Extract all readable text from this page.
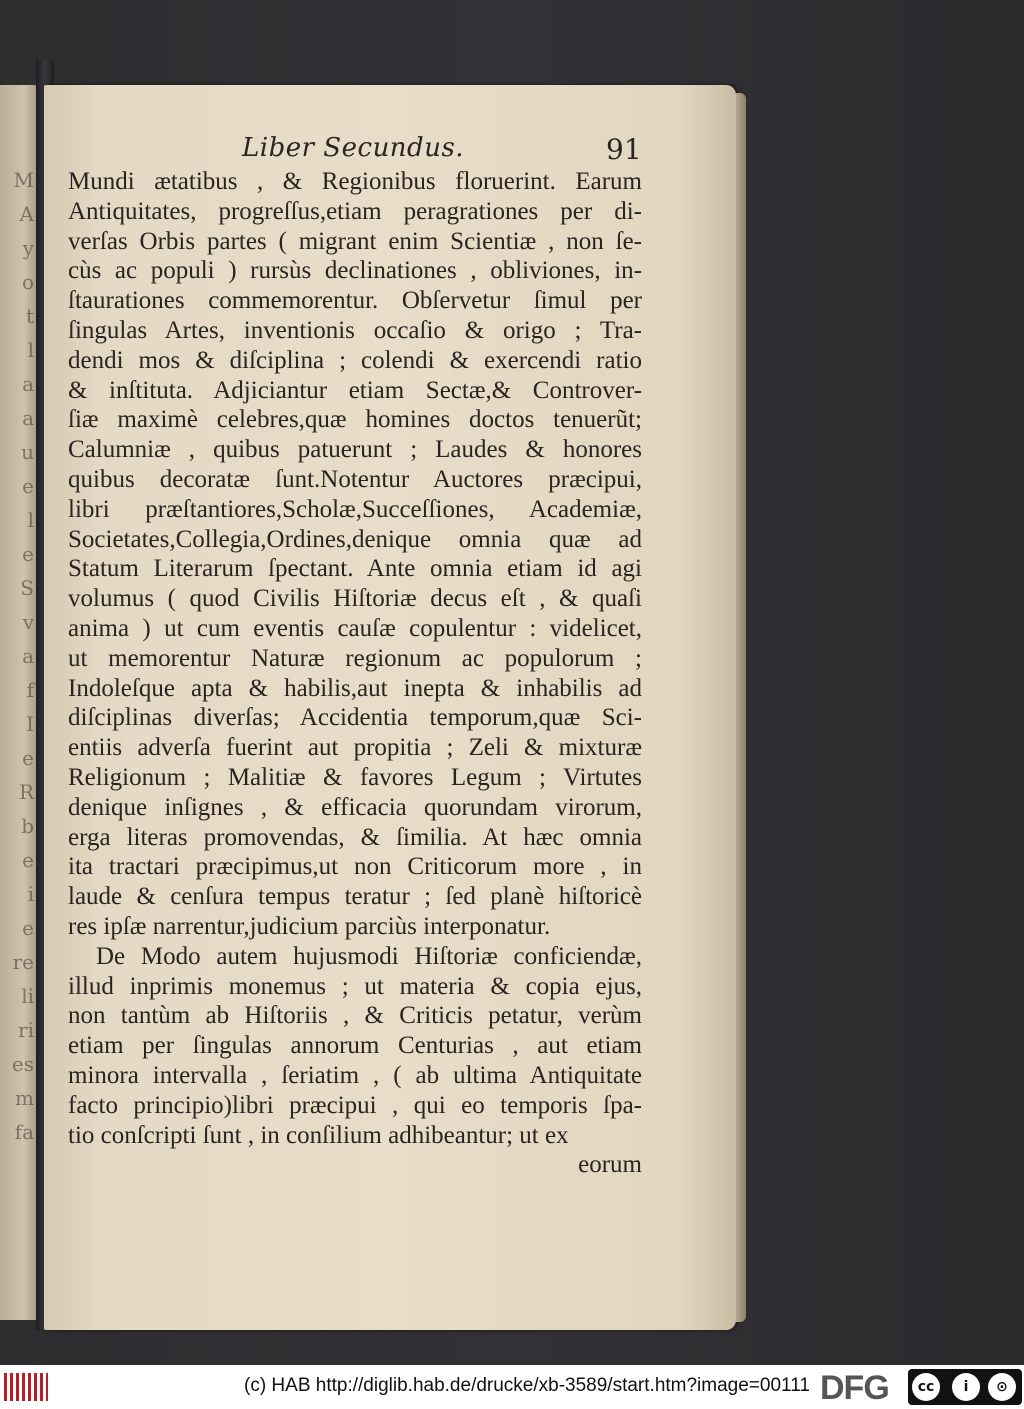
M
A
y
o
t
l
a
a
u
e
l
e
S
v
a
f
I
e
R
b
e
i
e
re
li
ri
es
m
fa
Liber Secundus.	91
Mundi ætatibus , & Regionibus floruerint. Earum
Antiquitates, progreſſus,etiam peragrationes per di-
verſas Orbis partes ( migrant enim Scientiæ , non ſe-
cùs ac populi ) rursùs declinationes , obliviones, in-
ſtaurationes commemorentur. Obſervetur ſimul per
ſingulas Artes, inventionis occaſio & origo ; Tra-
dendi mos & diſciplina ; colendi & exercendi ratio
& inſtituta. Adjiciantur etiam Sectæ,& Controver-
ſiæ maximè celebres,quæ homines doctos tenuerũt;
Calumniæ , quibus patuerunt ; Laudes & honores
quibus decoratæ ſunt.Notentur Auctores præcipui,
libri præſtantiores,Scholæ,Succeſſiones, Academiæ,
Societates,Collegia,Ordines,denique omnia quæ ad
Statum Literarum ſpectant. Ante omnia etiam id agi
volumus ( quod Civilis Hiſtoriæ decus eſt , & quaſi
anima ) ut cum eventis cauſæ copulentur : videlicet,
ut memorentur Naturæ regionum ac populorum ;
Indoleſque apta & habilis,aut inepta & inhabilis ad
diſciplinas diverſas; Accidentia temporum,quæ Sci-
entiis adverſa fuerint aut propitia ; Zeli & mixturæ
Religionum ; Malitiæ & favores Legum ; Virtutes
denique inſignes , & efficacia quorundam virorum,
erga literas promovendas, & ſimilia. At hæc omnia
ita tractari præcipimus,ut non Criticorum more , in
laude & cenſura tempus teratur ; ſed planè hiſtoricè
res ipſæ narrentur,judicium parciùs interponatur.
De Modo autem hujusmodi Hiſtoriæ conficiendæ,
illud inprimis monemus ; ut materia & copia ejus,
non tantùm ab Hiſtoriis , & Criticis petatur, verùm
etiam per ſingulas annorum Centurias , aut etiam
minora intervalla , ſeriatim , ( ab ultima Antiquitate
facto principio)libri præcipui , qui eo temporis ſpa-
tio conſcripti ſunt , in conſilium adhibeantur; ut ex
eorum
(c) HAB http://diglib.hab.de/drucke/xb-3589/start.htm?image=00111 DFG	cc	i	⊙
BY	SA
